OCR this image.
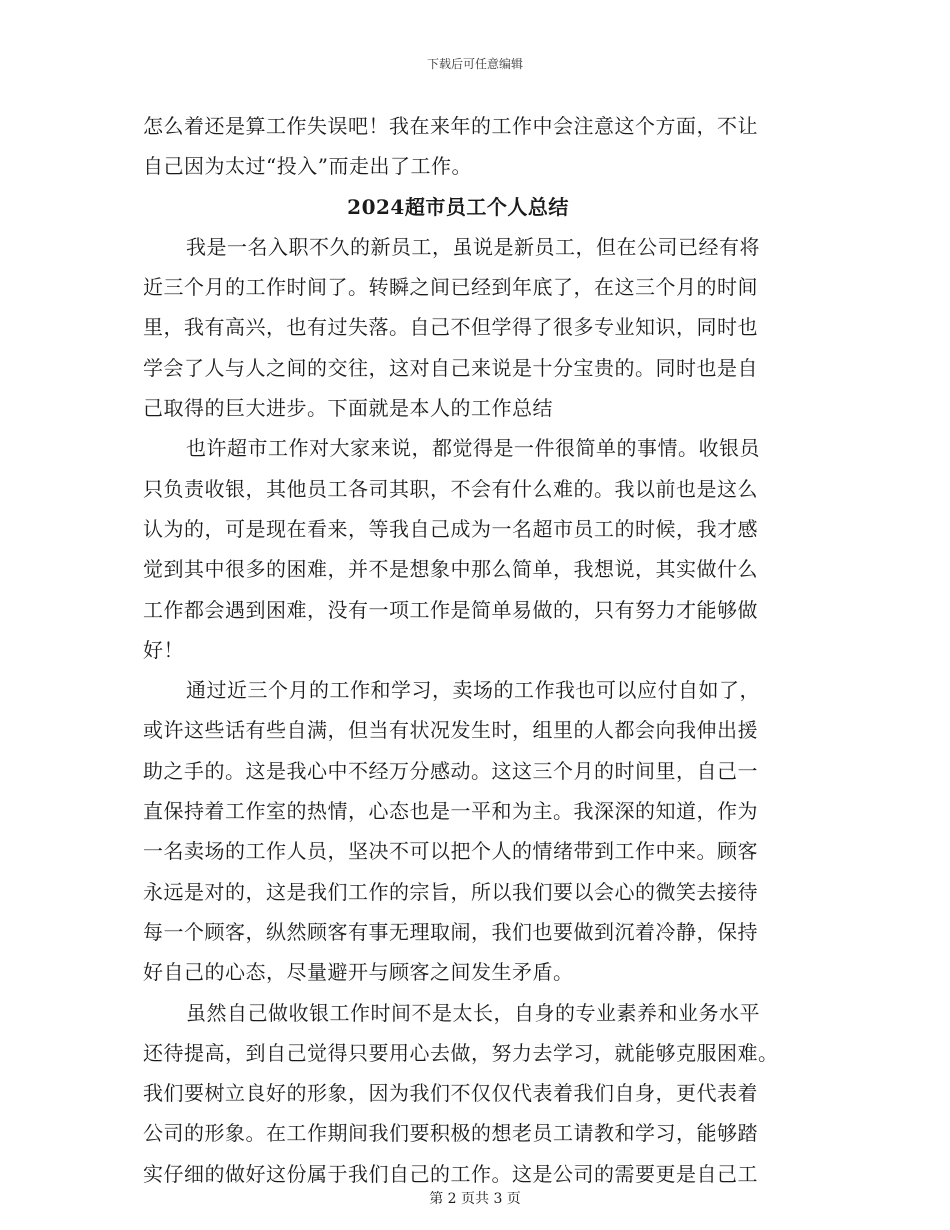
下载后可任意编辑
怎么着还是算工作失误吧！我在来年的工作中会注意这个方面，不让
自己因为太过“投入”而走出了工作。
2024超市员工个人总结
我是一名入职不久的新员工，虽说是新员工，但在公司已经有将
近三个月的工作时间了。转瞬之间已经到年底了，在这三个月的时间
里，我有高兴，也有过失落。自己不但学得了很多专业知识，同时也
学会了人与人之间的交往，这对自己来说是十分宝贵的。同时也是自
己取得的巨大进步。下面就是本人的工作总结
也许超市工作对大家来说，都觉得是一件很简单的事情。收银员
只负责收银，其他员工各司其职，不会有什么难的。我以前也是这么
认为的，可是现在看来，等我自己成为一名超市员工的时候，我才感
觉到其中很多的困难，并不是想象中那么简单，我想说，其实做什么
工作都会遇到困难，没有一项工作是简单易做的，只有努力才能够做
好！
通过近三个月的工作和学习，卖场的工作我也可以应付自如了，
或许这些话有些自满，但当有状况发生时，组里的人都会向我伸出援
助之手的。这是我心中不经万分感动。这这三个月的时间里，自己一
直保持着工作室的热情，心态也是一平和为主。我深深的知道，作为
一名卖场的工作人员，坚决不可以把个人的情绪带到工作中来。顾客
永远是对的，这是我们工作的宗旨，所以我们要以会心的微笑去接待
每一个顾客，纵然顾客有事无理取闹，我们也要做到沉着冷静，保持
好自己的心态，尽量避开与顾客之间发生矛盾。
虽然自己做收银工作时间不是太长，自身的专业素养和业务水平
还待提高，到自己觉得只要用心去做，努力去学习，就能够克服困难。
我们要树立良好的形象，因为我们不仅仅代表着我们自身，更代表着
公司的形象。在工作期间我们要积极的想老员工请教和学习，能够踏
实仔细的做好这份属于我们自己的工作。这是公司的需要更是自己工
第 2 页共 3 页
